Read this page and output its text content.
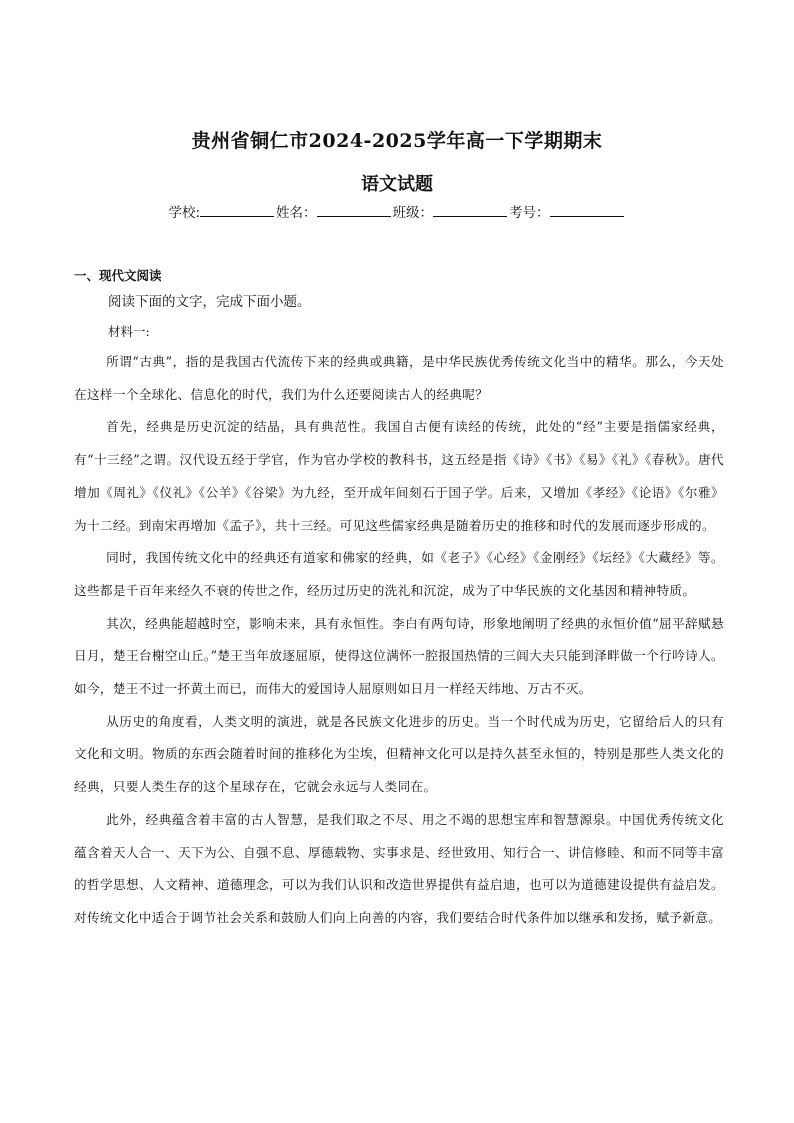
贵州省铜仁市2024-2025学年高一下学期期末
语文试题
学校:	姓名：	班级：	考号：
一、现代文阅读
阅读下面的文字，完成下面小题。
材料一:

所谓“古典”，指的是我国古代流传下来的经典或典籍，是中华民族优秀传统文化当中的精华。那么，今天处在这样一个全球化、信息化的时代，我们为什么还要阅读古人的经典呢？

首先，经典是历史沉淀的结晶，具有典范性。我国自古便有读经的传统，此处的“经”主要是指儒家经典，有“十三经”之谓。汉代设五经于学官，作为官办学校的教科书，这五经是指《诗》《书》《易》《礼》《春秋》。唐代增加《周礼》《仪礼》《公羊》《谷梁》为九经，至开成年间刻石于国子学。后来，又增加《孝经》《论语》《尔雅》为十二经。到南宋再增加《孟子》，共十三经。可见这些儒家经典是随着历史的推移和时代的发展而逐步形成的。

同时，我国传统文化中的经典还有道家和佛家的经典，如《老子》《心经》《金刚经》《坛经》《大藏经》等。这些都是千百年来经久不衰的传世之作，经历过历史的洗礼和沉淀，成为了中华民族的文化基因和精神特质。

其次，经典能超越时空，影响未来，具有永恒性。李白有两句诗，形象地阐明了经典的永恒价值“屈平辞赋悬日月，楚王台榭空山丘。”楚王当年放逐屈原，使得这位满怀一腔报国热情的三闾大夫只能到泽畔做一个行吟诗人。如今，楚王不过一抔黄土而已，而伟大的爱国诗人屈原则如日月一样经天纬地、万古不灭。

从历史的角度看，人类文明的演进，就是各民族文化进步的历史。当一个时代成为历史，它留给后人的只有文化和文明。物质的东西会随着时间的推移化为尘埃，但精神文化可以是持久甚至永恒的，特别是那些人类文化的经典，只要人类生存的这个星球存在，它就会永远与人类同在。

此外，经典蕴含着丰富的古人智慧，是我们取之不尽、用之不竭的思想宝库和智慧源泉。中国优秀传统文化蕴含着天人合一、天下为公、自强不息、厚德载物、实事求是、经世致用、知行合一、讲信修睦、和而不同等丰富的哲学思想、人文精神、道德理念，可以为我们认识和改造世界提供有益启迪，也可以为道德建设提供有益启发。对传统文化中适合于调节社会关系和鼓励人们向上向善的内容，我们要结合时代条件加以继承和发扬，赋予新意。
